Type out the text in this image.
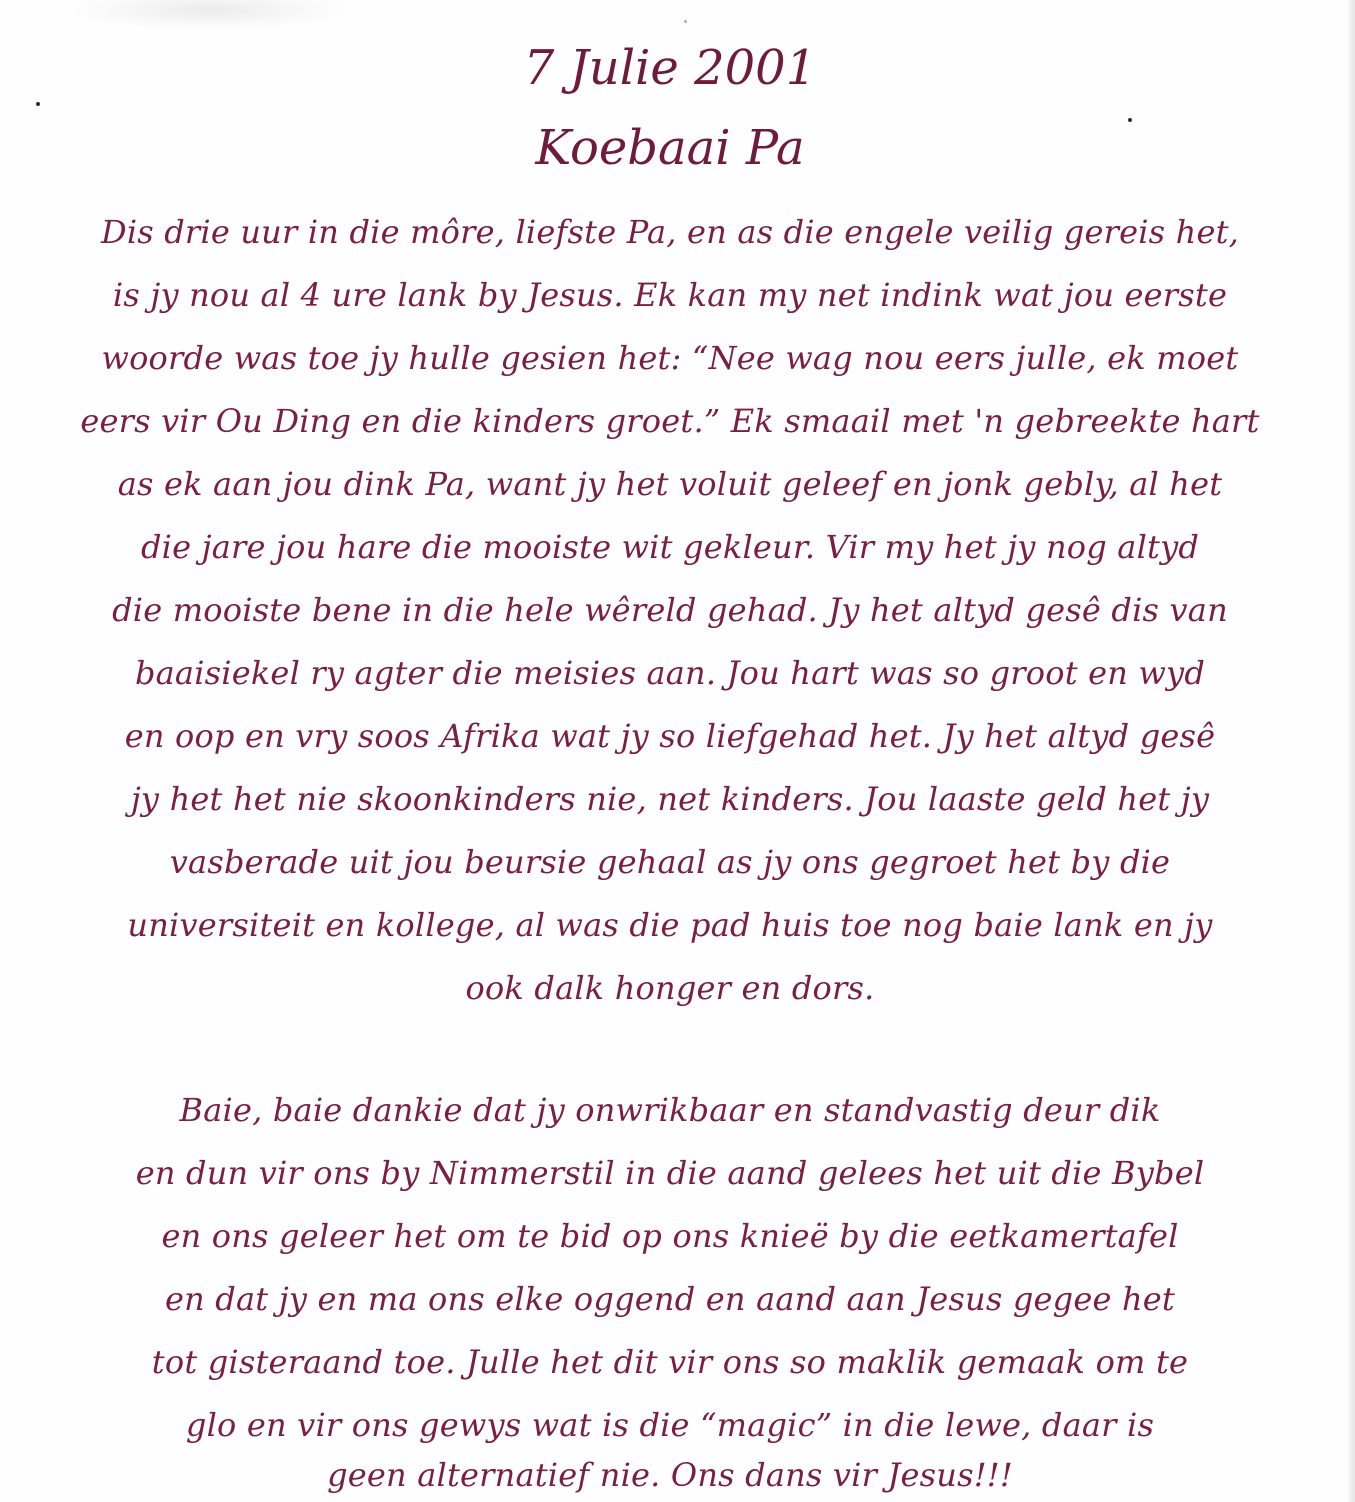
7 Julie 2001
Koebaai Pa
Dis drie uur in die môre, liefste Pa, en as die engele veilig gereis het,
is jy nou al 4 ure lank by Jesus. Ek kan my net indink wat jou eerste
woorde was toe jy hulle gesien het: “Nee wag nou eers julle, ek moet
eers vir Ou Ding en die kinders groet.” Ek smaail met 'n gebreekte hart
as ek aan jou dink Pa, want jy het voluit geleef en jonk gebly, al het
die jare jou hare die mooiste wit gekleur. Vir my het jy nog altyd
die mooiste bene in die hele wêreld gehad. Jy het altyd gesê dis van
baaisiekel ry agter die meisies aan. Jou hart was so groot en wyd
en oop en vry soos Afrika wat jy so liefgehad het. Jy het altyd gesê
jy het het nie skoonkinders nie, net kinders. Jou laaste geld het jy
vasberade uit jou beursie gehaal as jy ons gegroet het by die
universiteit en kollege, al was die pad huis toe nog baie lank en jy
ook dalk honger en dors.
Baie, baie dankie dat jy onwrikbaar en standvastig deur dik
en dun vir ons by Nimmerstil in die aand gelees het uit die Bybel
en ons geleer het om te bid op ons knieë by die eetkamertafel
en dat jy en ma ons elke oggend en aand aan Jesus gegee het
tot gisteraand toe. Julle het dit vir ons so maklik gemaak om te
glo en vir ons gewys wat is die “magic” in die lewe, daar is
geen alternatief nie. Ons dans vir Jesus!!!
